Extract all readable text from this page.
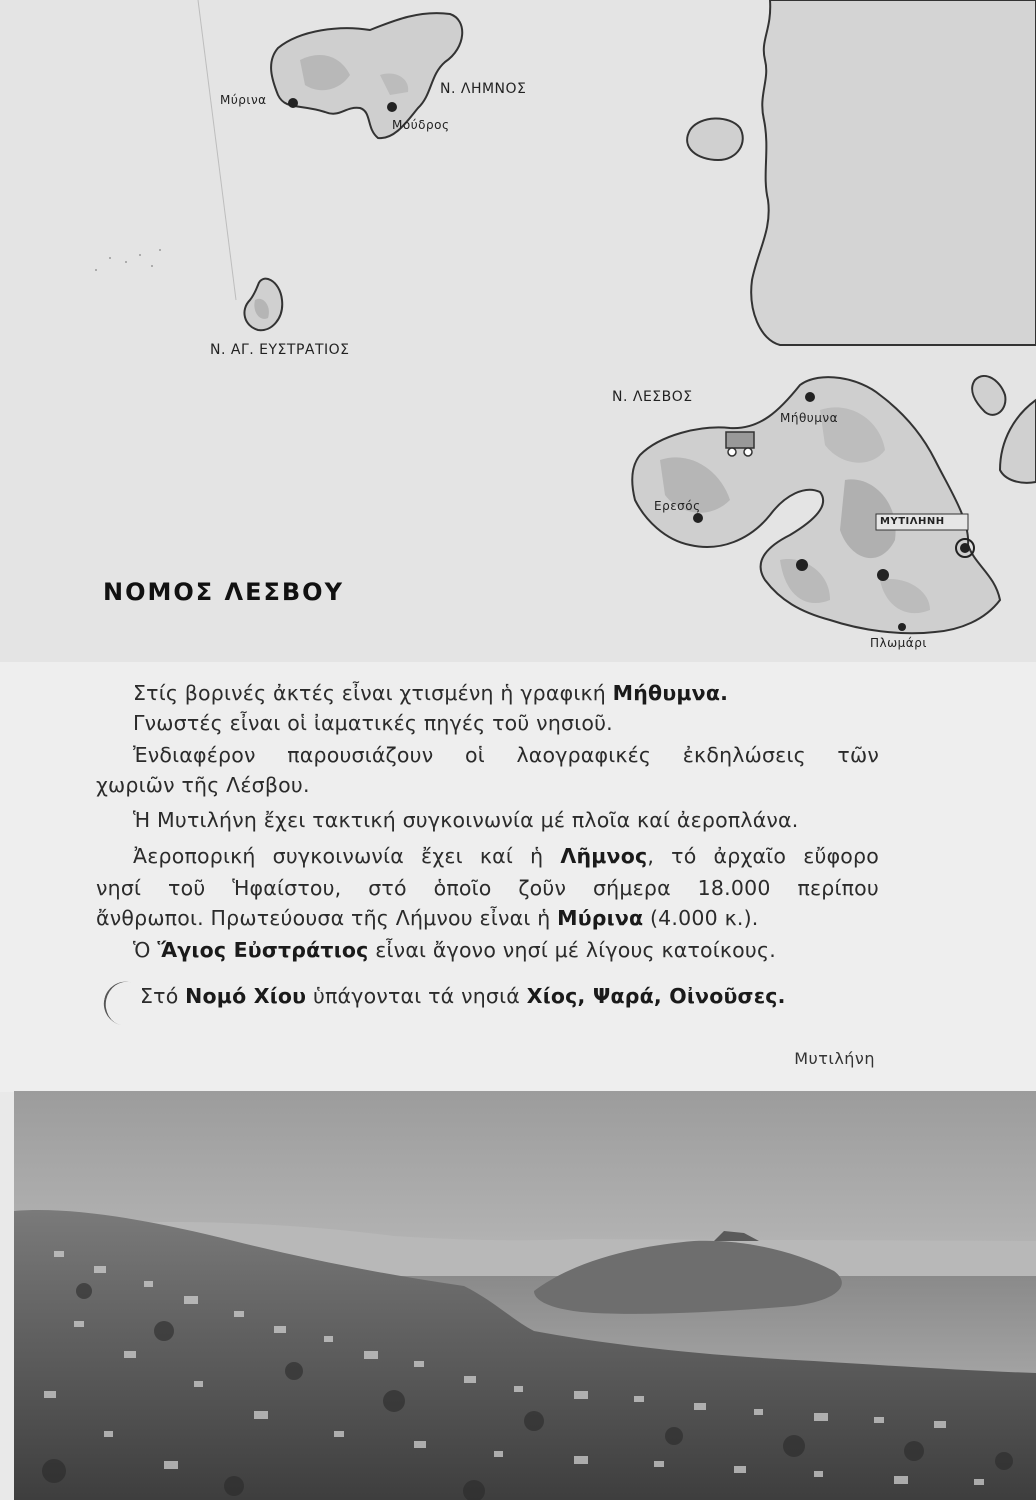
Μύρινα
Ν. ΛΗΜΝΟΣ
Μούδρος
Ν. ΑΓ. ΕΥΣΤΡΑΤΙΟΣ
Ν. ΛΕΣΒΟΣ
Μήθυμνα
Ερεσός
ΜΥΤΙΛΗΝΗ
Πλωμάρι
ΝΟΜΟΣ ΛΕΣΒΟΥ
Στίς βορινές ἀκτές εἶναι χτισμένη ἡ γραφική Μήθυμνα.
Γνωστές εἶναι οἱ ἰαματικές πηγές τοῦ νησιοῦ.
Ἐνδιαφέρον παρουσιάζουν οἱ λαογραφικές ἐκδηλώσεις τῶν
χωριῶν τῆς Λέσβου.
Ἡ Μυτιλήνη ἔχει τακτική συγκοινωνία μέ πλοῖα καί ἀεροπλάνα.
Ἀεροπορική συγκοινωνία ἔχει καί ἡ Λῆμνος, τό ἀρχαῖο εὔφορο
νησί τοῦ Ἡφαίστου, στό ὁποῖο ζοῦν σήμερα 18.000 περίπου
ἄνθρωποι. Πρωτεύουσα τῆς Λήμνου εἶναι ἡ Μύρινα (4.000 κ.).
Ὁ Ἅγιος Εὐστράτιος εἶναι ἄγονο νησί μέ λίγους κατοίκους.
Στό Νομό Χίου ὑπάγονται τά νησιά Χίος, Ψαρά, Οἰνοῦσες.
Μυτιλήνη
